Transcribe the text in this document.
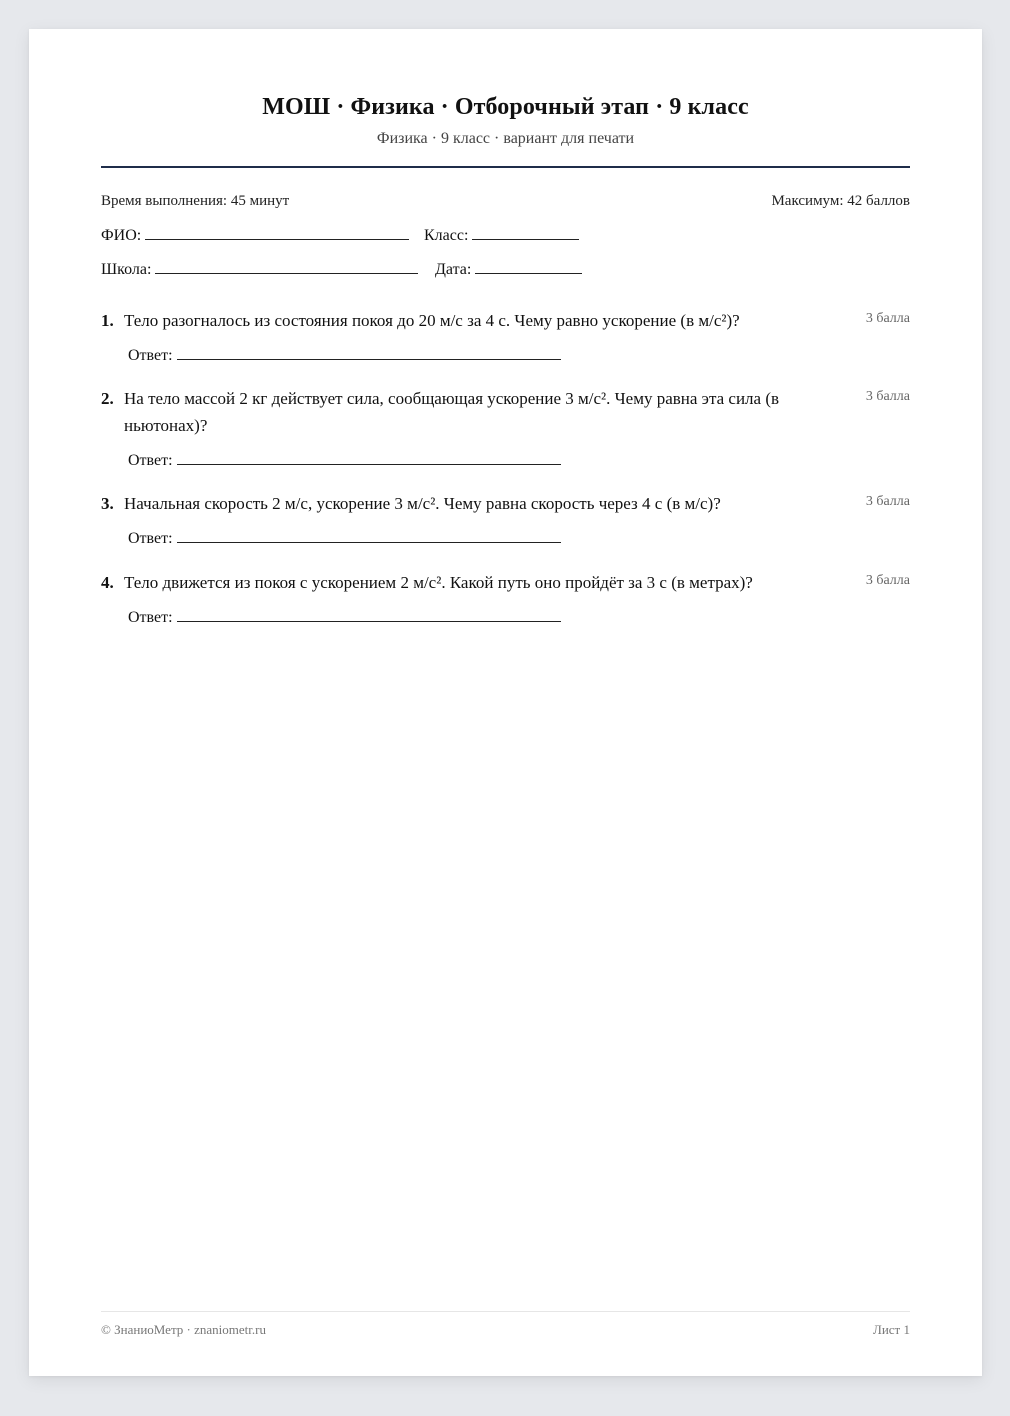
МОШ · Физика · Отборочный этап · 9 класс
Физика · 9 класс · вариант для печати
Время выполнения: 45 минут	Максимум: 42 баллов
ФИО:	Класс:
Школа:	Дата:
1. Тело разогналось из состояния покоя до 20 м/с за 4 с. Чему равно ускорение (в м/с²)?	3 балла
Ответ:
2. На тело массой 2 кг действует сила, сообщающая ускорение 3 м/с². Чему равна эта сила (в ньютонах)?
3 балла
Ответ:
3. Начальная скорость 2 м/с, ускорение 3 м/с². Чему равна скорость через 4 с (в м/с)?	3 балла
Ответ:
4. Тело движется из покоя с ускорением 2 м/с². Какой путь оно пройдёт за 3 с (в метрах)?	3 балла
Ответ:
© ЗнаниоМетр · znaniometr.ru	Лист 1
